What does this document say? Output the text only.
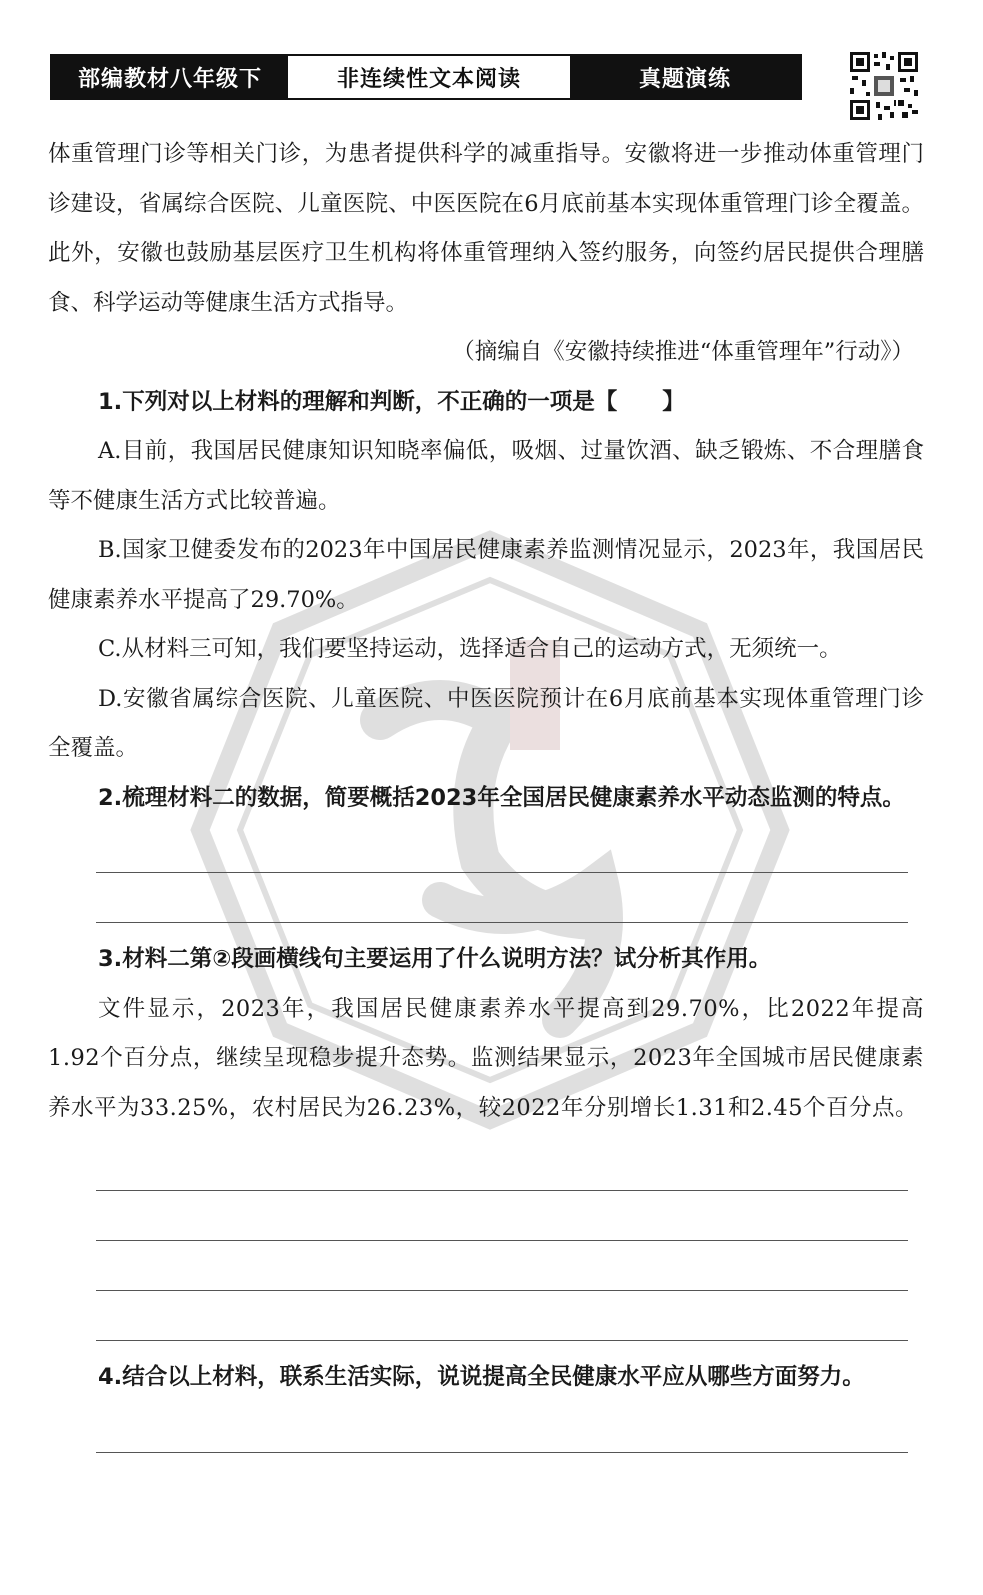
部编教材八年级下	非连续性文本阅读	真题演练

体重管理门诊等相关门诊，为患者提供科学的减重指导。安徽将进一步推动体重管理门诊建设，省属综合医院、儿童医院、中医医院在6月底前基本实现体重管理门诊全覆盖。此外，安徽也鼓励基层医疗卫生机构将体重管理纳入签约服务，向签约居民提供合理膳食、科学运动等健康生活方式指导。

（摘编自《安徽持续推进“体重管理年”行动》）

1.下列对以上材料的理解和判断，不正确的一项是【　　】

A.目前，我国居民健康知识知晓率偏低，吸烟、过量饮酒、缺乏锻炼、不合理膳食等不健康生活方式比较普遍。

B.国家卫健委发布的2023年中国居民健康素养监测情况显示，2023年，我国居民健康素养水平提高了29.70%。

C.从材料三可知，我们要坚持运动，选择适合自己的运动方式，无须统一。

D.安徽省属综合医院、儿童医院、中医医院预计在6月底前基本实现体重管理门诊全覆盖。

2.梳理材料二的数据，简要概括2023年全国居民健康素养水平动态监测的特点。

3.材料二第②段画横线句主要运用了什么说明方法？试分析其作用。

文件显示，2023年，我国居民健康素养水平提高到29.70%，比2022年提高1.92个百分点，继续呈现稳步提升态势。监测结果显示，2023年全国城市居民健康素养水平为33.25%，农村居民为26.23%，较2022年分别增长1.31和2.45个百分点。

4.结合以上材料，联系生活实际，说说提高全民健康水平应从哪些方面努力。
